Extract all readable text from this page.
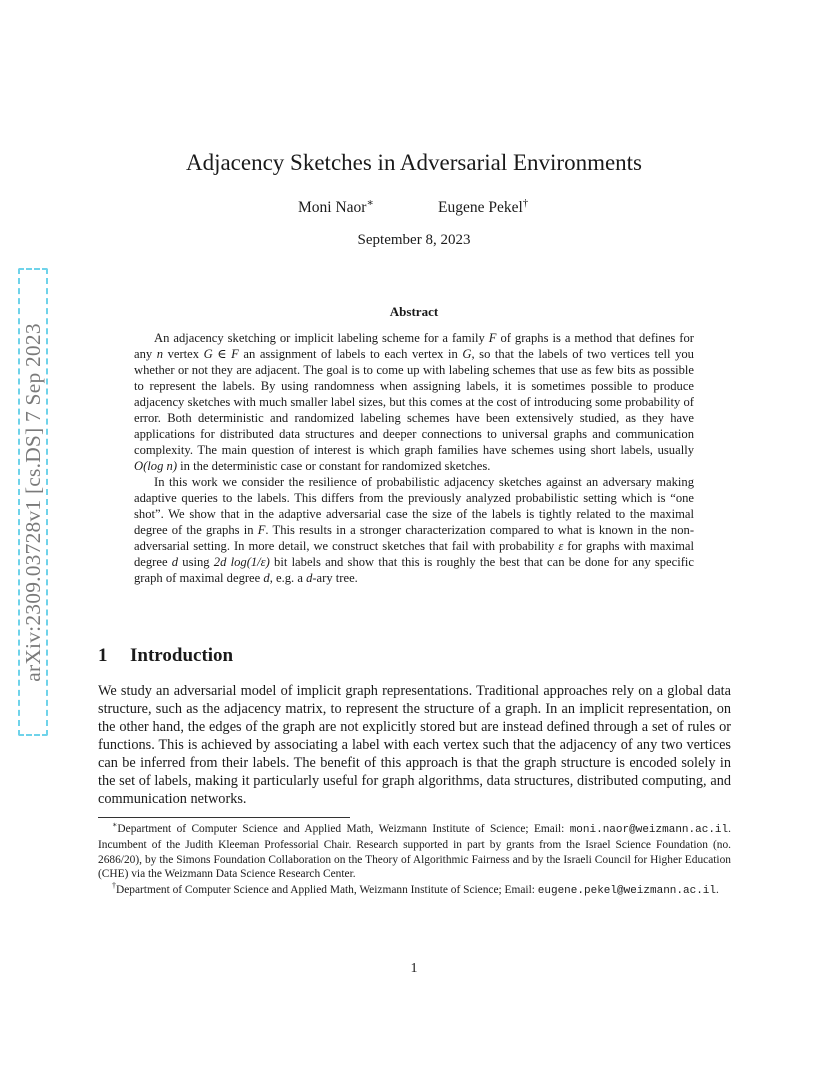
arXiv:2309.03728v1 [cs.DS] 7 Sep 2023
Adjacency Sketches in Adversarial Environments
Moni Naor∗	Eugene Pekel†
September 8, 2023
Abstract

An adjacency sketching or implicit labeling scheme for a family F of graphs is a method that defines for any n vertex G ∈ F an assignment of labels to each vertex in G, so that the labels of two vertices tell you whether or not they are adjacent. The goal is to come up with labeling schemes that use as few bits as possible to represent the labels. By using randomness when assigning labels, it is sometimes possible to produce adjacency sketches with much smaller label sizes, but this comes at the cost of introducing some probability of error. Both deterministic and randomized labeling schemes have been extensively studied, as they have applications for distributed data structures and deeper connections to universal graphs and communication complexity. The main question of interest is which graph families have schemes using short labels, usually O(log n) in the deterministic case or constant for randomized sketches.

In this work we consider the resilience of probabilistic adjacency sketches against an adversary making adaptive queries to the labels. This differs from the previously analyzed probabilistic setting which is “one shot”. We show that in the adaptive adversarial case the size of the labels is tightly related to the maximal degree of the graphs in F. This results in a stronger characterization compared to what is known in the non-adversarial setting. In more detail, we construct sketches that fail with probability ε for graphs with maximal degree d using 2d log(1/ε) bit labels and show that this is roughly the best that can be done for any specific graph of maximal degree d, e.g. a d-ary tree.

1 Introduction

We study an adversarial model of implicit graph representations. Traditional approaches rely on a global data structure, such as the adjacency matrix, to represent the structure of a graph. In an implicit representation, on the other hand, the edges of the graph are not explicitly stored but are instead defined through a set of rules or functions. This is achieved by associating a label with each vertex such that the adjacency of any two vertices can be inferred from their labels. The benefit of this approach is that the graph structure is encoded solely in the set of labels, making it particularly useful for graph algorithms, data structures, distributed computing, and communication networks.

∗Department of Computer Science and Applied Math, Weizmann Institute of Science; Email: moni.naor@weizmann.ac.il. Incumbent of the Judith Kleeman Professorial Chair. Research supported in part by grants from the Israel Science Foundation (no. 2686/20), by the Simons Foundation Collaboration on the Theory of Algorithmic Fairness and by the Israeli Council for Higher Education (CHE) via the Weizmann Data Science Research Center.

†Department of Computer Science and Applied Math, Weizmann Institute of Science; Email: eugene.pekel@weizmann.ac.il.

1
